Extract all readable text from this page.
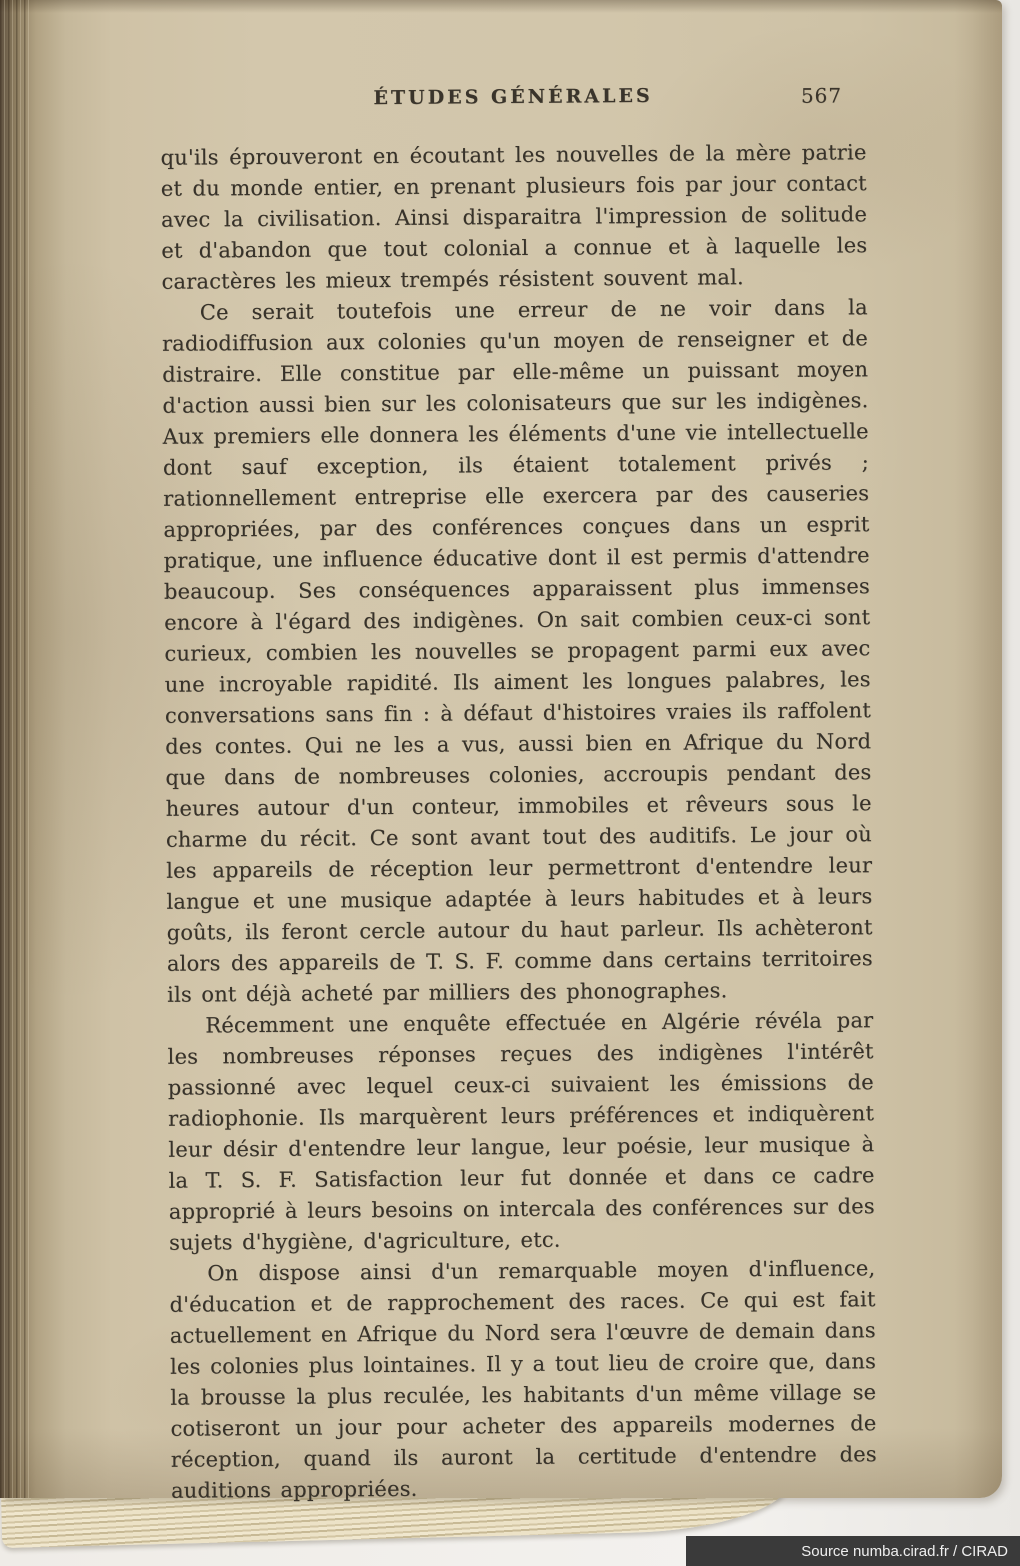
ÉTUDES GÉNÉRALES	567

qu'ils éprouveront en écoutant les nouvelles de la mère patrie et du monde entier, en prenant plusieurs fois par jour contact avec la civilisation. Ainsi disparaitra l'impression de solitude et d'abandon que tout colonial a connue et à laquelle les caractères les mieux trempés résistent souvent mal.

Ce serait toutefois une erreur de ne voir dans la radiodiffusion aux colonies qu'un moyen de renseigner et de distraire. Elle constitue par elle-même un puissant moyen d'action aussi bien sur les colonisateurs que sur les indigènes. Aux premiers elle donnera les éléments d'une vie intellectuelle dont sauf exception, ils étaient totalement privés ; rationnellement entreprise elle exercera par des causeries appropriées, par des conférences conçues dans un esprit pratique, une influence éducative dont il est permis d'attendre beaucoup. Ses conséquences apparaissent plus immenses encore à l'égard des indigènes. On sait combien ceux-ci sont curieux, combien les nouvelles se propagent parmi eux avec une incroyable rapidité. Ils aiment les longues palabres, les conversations sans fin : à défaut d'histoires vraies ils raffolent des contes. Qui ne les a vus, aussi bien en Afrique du Nord que dans de nombreuses colonies, accroupis pendant des heures autour d'un conteur, immobiles et rêveurs sous le charme du récit. Ce sont avant tout des auditifs. Le jour où les appareils de réception leur permettront d'entendre leur langue et une musique adaptée à leurs habitudes et à leurs goûts, ils feront cercle autour du haut parleur. Ils achèteront alors des appareils de T. S. F. comme dans certains territoires ils ont déjà acheté par milliers des phonographes.

Récemment une enquête effectuée en Algérie révéla par les nombreuses réponses reçues des indigènes l'intérêt passionné avec lequel ceux-ci suivaient les émissions de radiophonie. Ils marquèrent leurs préférences et indiquèrent leur désir d'entendre leur langue, leur poésie, leur musique à la T. S. F. Satisfaction leur fut donnée et dans ce cadre approprié à leurs besoins on intercala des conférences sur des sujets d'hygiène, d'agriculture, etc.

On dispose ainsi d'un remarquable moyen d'influence, d'éducation et de rapprochement des races. Ce qui est fait actuellement en Afrique du Nord sera l'œuvre de demain dans les colonies plus lointaines. Il y a tout lieu de croire que, dans la brousse la plus reculée, les habitants d'un même village se cotiseront un jour pour acheter des appareils modernes de réception, quand ils auront la certitude d'entendre des auditions appropriées.

Source numba.cirad.fr / CIRAD
